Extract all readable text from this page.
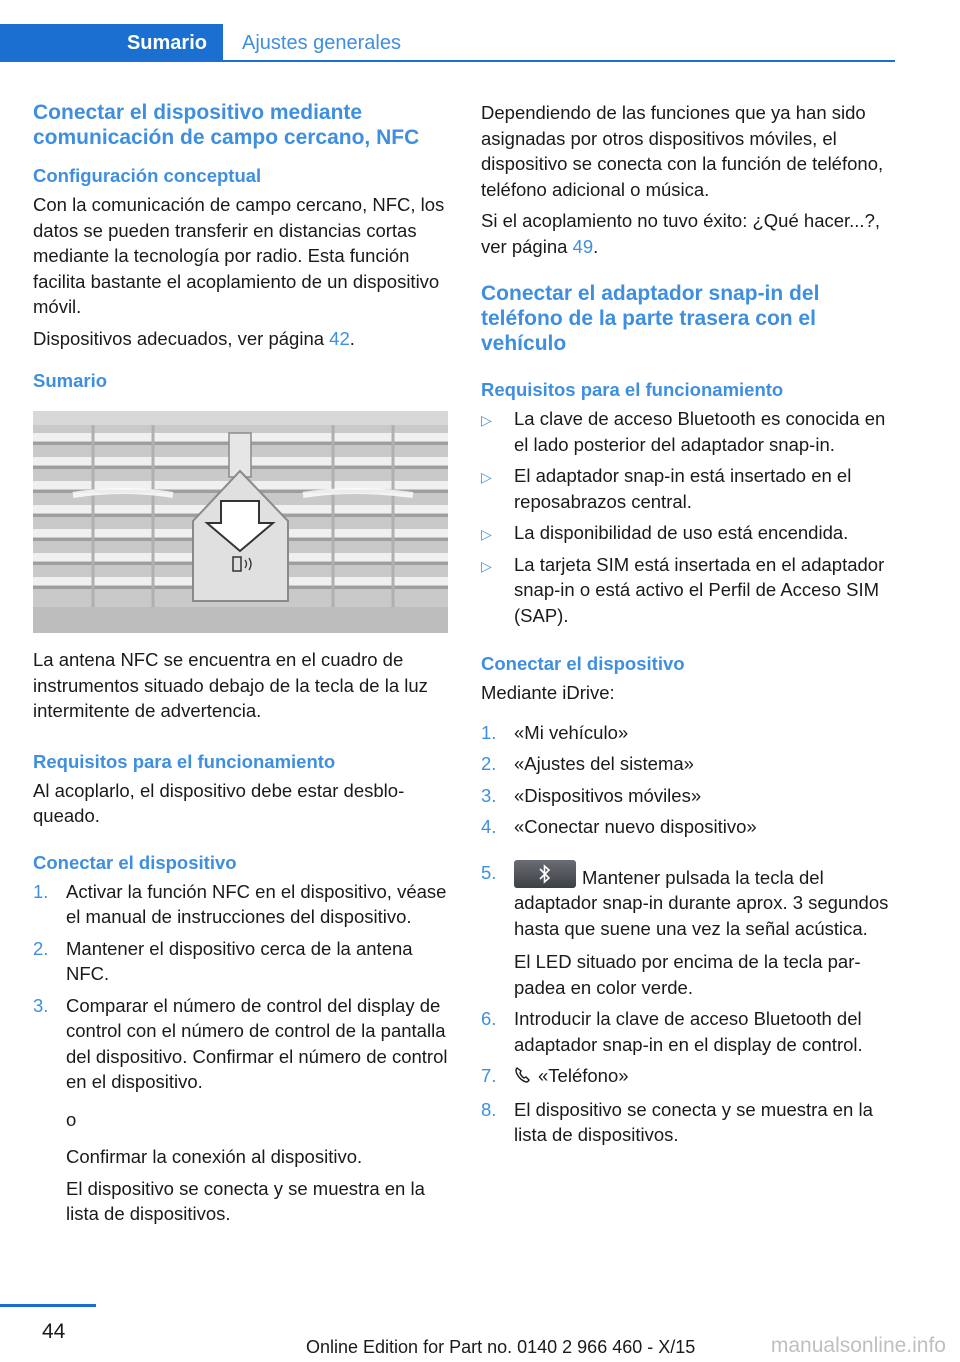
Sumario	Ajustes generales
Conectar el dispositivo mediante comunicación de campo cercano, NFC
Configuración conceptual
Con la comunicación de campo cercano, NFC, los datos se pueden transferir en distancias cortas mediante la tecnología por radio. Esta función facilita bastante el acoplamiento de un dispositivo móvil.
Dispositivos adecuados, ver página 42.
Sumario
La antena NFC se encuentra en el cuadro de instrumentos situado debajo de la tecla de la luz intermitente de advertencia.
Requisitos para el funcionamiento
Al acoplarlo, el dispositivo debe estar desbloqueado.
Conectar el dispositivo
1. Activar la función NFC en el dispositivo, véase el manual de instrucciones del dispositivo.
2. Mantener el dispositivo cerca de la antena NFC.
3. Comparar el número de control del display de control con el número de control de la pantalla del dispositivo. Confirmar el número de control en el dispositivo.
o
Confirmar la conexión al dispositivo.
El dispositivo se conecta y se muestra en la lista de dispositivos.
Dependiendo de las funciones que ya han sido asignadas por otros dispositivos móviles, el dispositivo se conecta con la función de teléfono, teléfono adicional o música.
Si el acoplamiento no tuvo éxito: ¿Qué hacer...?, ver página 49.
Conectar el adaptador snap-in del teléfono de la parte trasera con el vehículo
Requisitos para el funcionamiento
▷ La clave de acceso Bluetooth es conocida en el lado posterior del adaptador snap-in.
▷ El adaptador snap-in está insertado en el reposabrazos central.
▷ La disponibilidad de uso está encendida.
▷ La tarjeta SIM está insertada en el adaptador snap-in o está activo el Perfil de Acceso SIM (SAP).
Conectar el dispositivo
Mediante iDrive:
1. «Mi vehículo»
2. «Ajustes del sistema»
3. «Dispositivos móviles»
4. «Conectar nuevo dispositivo»
5.	Mantener pulsada la tecla del adaptador snap-in durante aprox. 3 segundos hasta que suene una vez la señal acústica.
El LED situado por encima de la tecla parpadea en color verde.
6. Introducir la clave de acceso Bluetooth del adaptador snap-in en el display de control.
7. «Teléfono»
8. El dispositivo se conecta y se muestra en la lista de dispositivos.
44
Online Edition for Part no. 0140 2 966 460 - X/15	manualsonline.info
